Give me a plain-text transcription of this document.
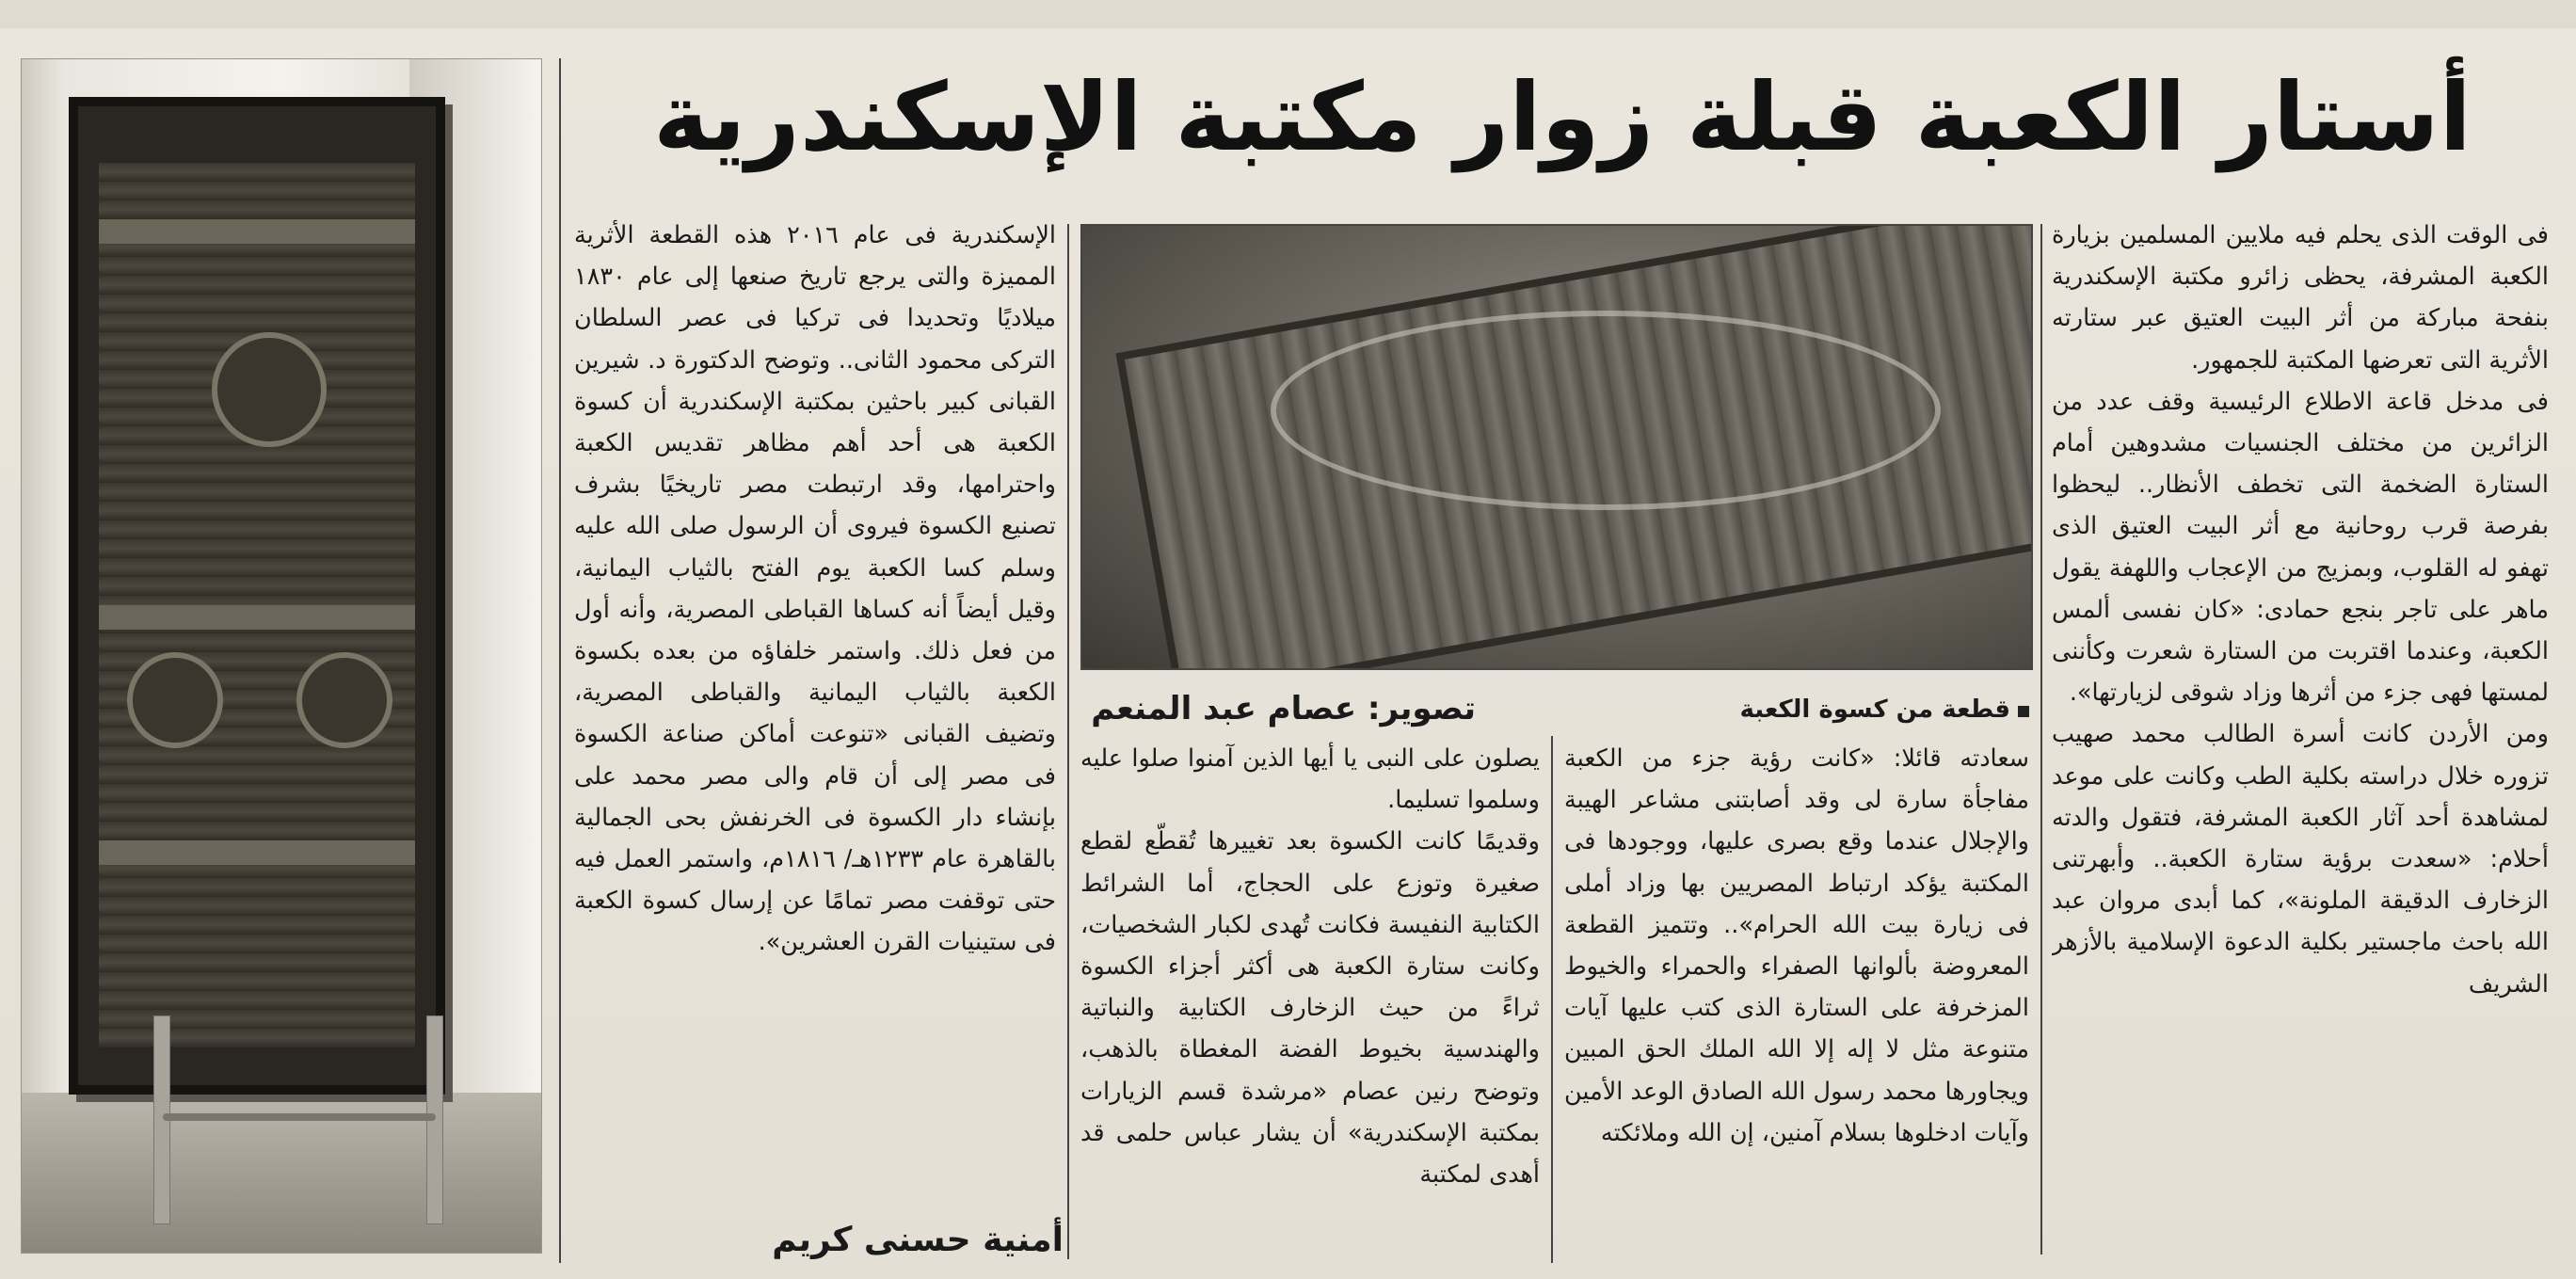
أستار الكعبة قبلة زوار مكتبة الإسكندرية
تصوير: عصام عبد المنعم	قطعة من كسوة الكعبة

فى الوقت الذى يحلم فيه ملايين المسلمين بزيارة الكعبة المشرفة، يحظى زائرو مكتبة الإسكندرية بنفحة مباركة من أثر البيت العتيق عبر ستارته الأثرية التى تعرضها المكتبة للجمهور.

فى مدخل قاعة الاطلاع الرئيسية وقف عدد من الزائرين من مختلف الجنسيات مشدوهين أمام الستارة الضخمة التى تخطف الأنظار.. ليحظوا بفرصة قرب روحانية مع أثر البيت العتيق الذى تهفو له القلوب، وبمزيج من الإعجاب واللهفة يقول ماهر على تاجر بنجع حمادى: «كان نفسى ألمس الكعبة، وعندما اقتربت من الستارة شعرت وكأننى لمستها فهى جزء من أثرها وزاد شوقى لزيارتها».

ومن الأردن كانت أسرة الطالب محمد صهيب تزوره خلال دراسته بكلية الطب وكانت على موعد لمشاهدة أحد آثار الكعبة المشرفة، فتقول والدته أحلام: «سعدت برؤية ستارة الكعبة.. وأبهرتنى الزخارف الدقيقة الملونة»، كما أبدى مروان عبد الله باحث ماجستير بكلية الدعوة الإسلامية بالأزهر الشريف

سعادته قائلا: «كانت رؤية جزء من الكعبة مفاجأة سارة لى وقد أصابتنى مشاعر الهيبة والإجلال عندما وقع بصرى عليها، ووجودها فى المكتبة يؤكد ارتباط المصريين بها وزاد أملى فى زيارة بيت الله الحرام».. وتتميز القطعة المعروضة بألوانها الصفراء والحمراء والخيوط المزخرفة على الستارة الذى كتب عليها آيات متنوعة مثل لا إله إلا الله الملك الحق المبين ويجاورها محمد رسول الله الصادق الوعد الأمين وآيات ادخلوها بسلام آمنين، إن الله وملائكته

يصلون على النبى يا أيها الذين آمنوا صلوا عليه وسلموا تسليما.

وقديمًا كانت الكسوة بعد تغييرها تُقطّع لقطع صغيرة وتوزع على الحجاج، أما الشرائط الكتابية النفيسة فكانت تُهدى لكبار الشخصيات، وكانت ستارة الكعبة هى أكثر أجزاء الكسوة ثراءً من حيث الزخارف الكتابية والنباتية والهندسية بخيوط الفضة المغطاة بالذهب، وتوضح رنين عصام «مرشدة قسم الزيارات بمكتبة الإسكندرية» أن يشار عباس حلمى قد أهدى لمكتبة

الإسكندرية فى عام ٢٠١٦ هذه القطعة الأثرية المميزة والتى يرجع تاريخ صنعها إلى عام ١٨٣٠ ميلاديًا وتحديدا فى تركيا فى عصر السلطان التركى محمود الثانى.. وتوضح الدكتورة د. شيرين القبانى كبير باحثين بمكتبة الإسكندرية أن كسوة الكعبة هى أحد أهم مظاهر تقديس الكعبة واحترامها، وقد ارتبطت مصر تاريخيًا بشرف تصنيع الكسوة فيروى أن الرسول صلى الله عليه وسلم كسا الكعبة يوم الفتح بالثياب اليمانية، وقيل أيضاً أنه كساها القباطى المصرية، وأنه أول من فعل ذلك. واستمر خلفاؤه من بعده بكسوة الكعبة بالثياب اليمانية والقباطى المصرية، وتضيف القبانى «تنوعت أماكن صناعة الكسوة فى مصر إلى أن قام والى مصر محمد على بإنشاء دار الكسوة فى الخرنفش بحى الجمالية بالقاهرة عام ١٢٣٣هـ/ ١٨١٦م، واستمر العمل فيه حتى توقفت مصر تمامًا عن إرسال كسوة الكعبة فى ستينيات القرن العشرين».

أمنية حسنى كريم
